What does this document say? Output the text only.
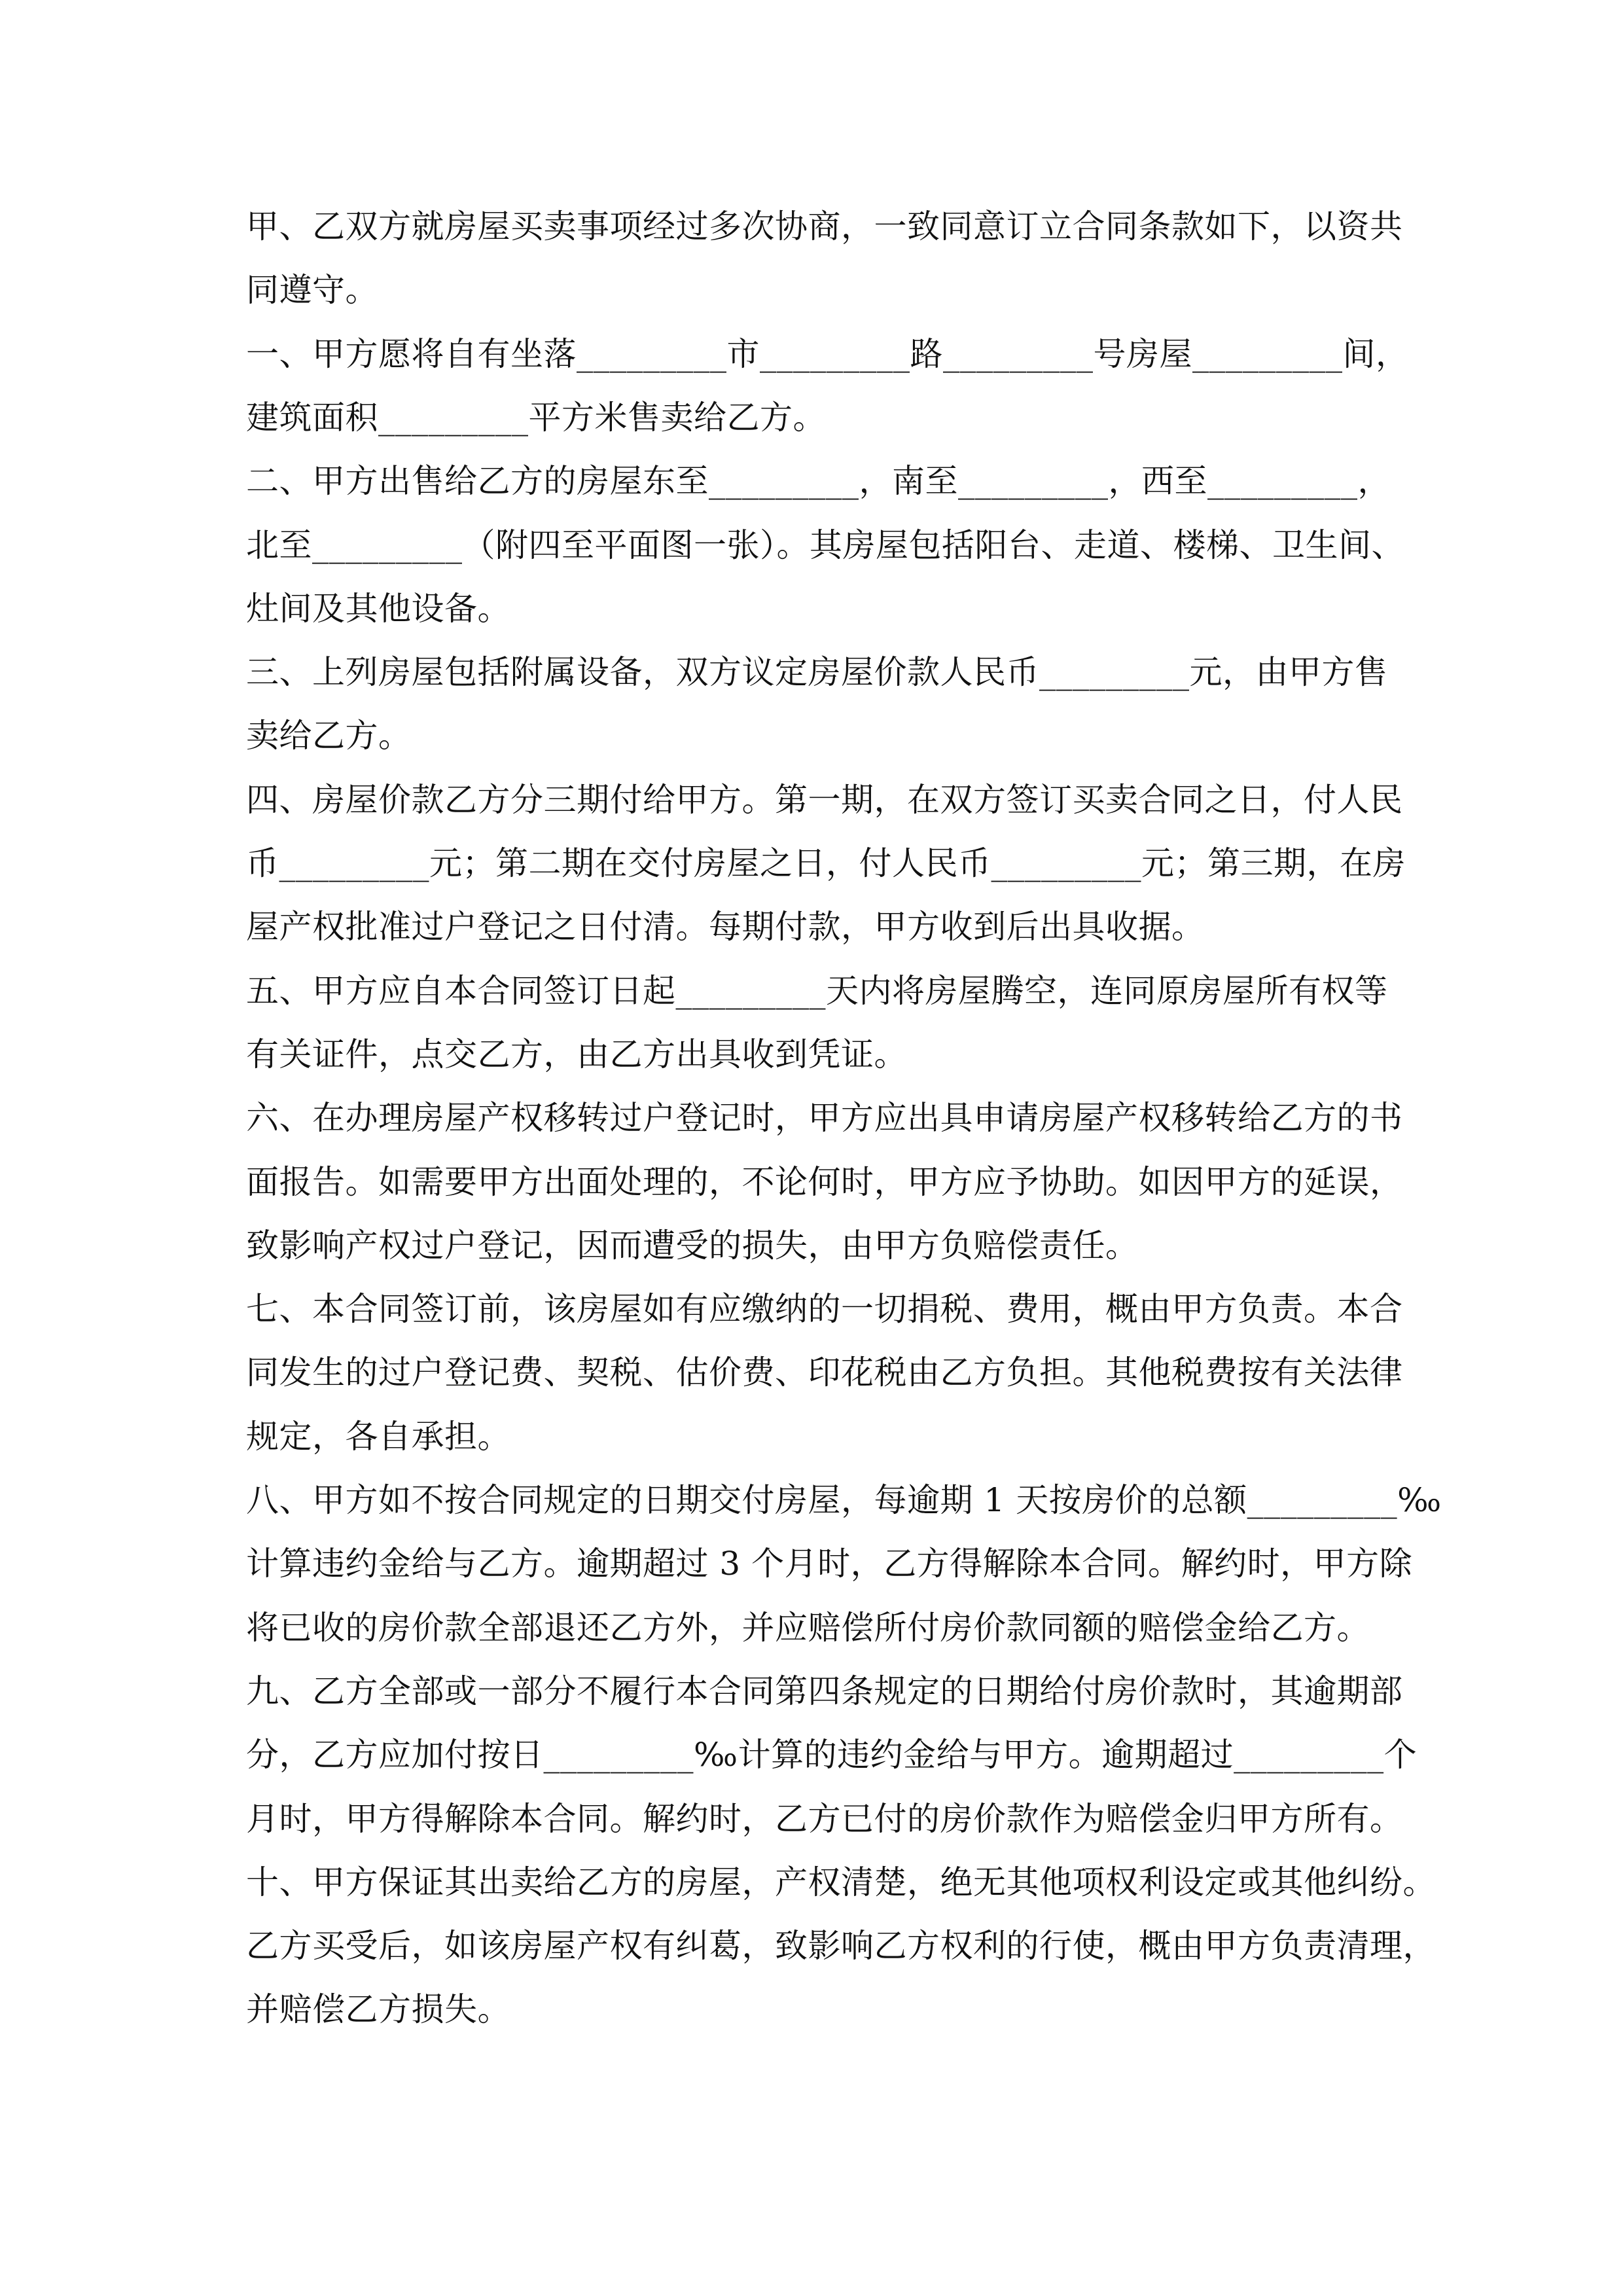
甲、乙双方就房屋买卖事项经过多次协商，一致同意订立合同条款如下，以资共
同遵守。
一、甲方愿将自有坐落_________市_________路_________号房屋_________间，
建筑面积_________平方米售卖给乙方。
二、甲方出售给乙方的房屋东至_________，南至_________，西至_________，
北至_________（附四至平面图一张）。其房屋包括阳台、走道、楼梯、卫生间、
灶间及其他设备。
三、上列房屋包括附属设备，双方议定房屋价款人民币_________元，由甲方售
卖给乙方。
四、房屋价款乙方分三期付给甲方。第一期，在双方签订买卖合同之日，付人民
币_________元；第二期在交付房屋之日，付人民币_________元；第三期，在房
屋产权批准过户登记之日付清。每期付款，甲方收到后出具收据。
五、甲方应自本合同签订日起_________天内将房屋腾空，连同原房屋所有权等
有关证件，点交乙方，由乙方出具收到凭证。
六、在办理房屋产权移转过户登记时，甲方应出具申请房屋产权移转给乙方的书
面报告。如需要甲方出面处理的，不论何时，甲方应予协助。如因甲方的延误，
致影响产权过户登记，因而遭受的损失，由甲方负赔偿责任。
七、本合同签订前，该房屋如有应缴纳的一切捐税、费用，概由甲方负责。本合
同发生的过户登记费、契税、估价费、印花税由乙方负担。其他税费按有关法律
规定，各自承担。
八、甲方如不按合同规定的日期交付房屋，每逾期 1 天按房价的总额_________‰
计算违约金给与乙方。逾期超过 3 个月时，乙方得解除本合同。解约时，甲方除
将已收的房价款全部退还乙方外，并应赔偿所付房价款同额的赔偿金给乙方。
九、乙方全部或一部分不履行本合同第四条规定的日期给付房价款时，其逾期部
分，乙方应加付按日_________‰计算的违约金给与甲方。逾期超过_________个
月时，甲方得解除本合同。解约时，乙方已付的房价款作为赔偿金归甲方所有。
十、甲方保证其出卖给乙方的房屋，产权清楚，绝无其他项权利设定或其他纠纷。
乙方买受后，如该房屋产权有纠葛，致影响乙方权利的行使，概由甲方负责清理，
并赔偿乙方损失。
